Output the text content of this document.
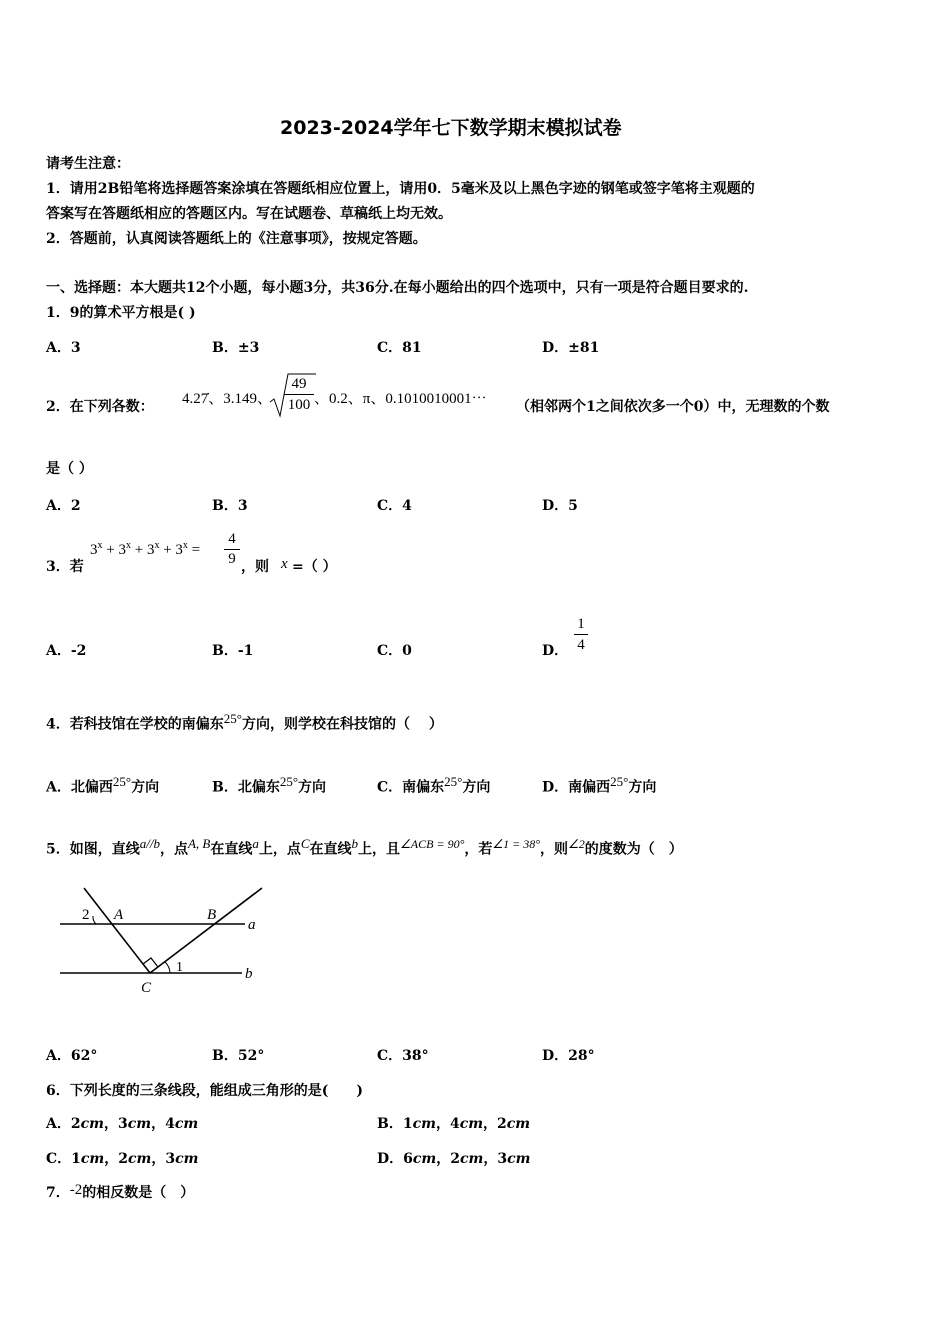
2023-2024学年七下数学期末模拟试卷
请考生注意：
1．请用2B铅笔将选择题答案涂填在答题纸相应位置上，请用0．5毫米及以上黑色字迹的钢笔或签字笔将主观题的
答案写在答题纸相应的答题区内。写在试题卷、草稿纸上均无效。
2．答题前，认真阅读答题纸上的《注意事项》，按规定答题。
一、选择题：本大题共12个小题，每小题3分，共36分.在每小题给出的四个选项中，只有一项是符合题目要求的.
1．9的算术平方根是( )
A．3	B．±3	C．81	D．±81
2．在下列各数： 4.27̇、3.149、 $\frac{49}{100}$ 、0.2、π、0.1010010001⋯ （相邻两个1之间依次多一个0）中，无理数的个数
是（ ）
A．2	B．3	C．4	D．5
3．若
$3^x + 3^x + 3^x + 3^x = \frac{4}{9}$ ，则 x =（ ）
A．-2	B．-1	C．0	D． $\frac{1}{4}$
4．若科技馆在学校的南偏东$^{25^\circ}$方向，则学校在科技馆的（　 ）
A．北偏西$^{25^\circ}$方向	B．北偏东$^{25^\circ}$方向	C．南偏东$^{25^\circ}$方向	D．南偏西$^{25^\circ}$方向
5．如图，直线$^{a//b}$，点$^{A, B}$在直线$^a$上，点$^C$在直线$^b$上，且$^{\angle ACB = 90^\circ}$，若$^{\angle 1 = 38^\circ}$，则$^{\angle 2}$的度数为（　）
2 A	B
a
1
C
b
A．62°	B．52°	C．38°	D．28°
6．下列长度的三条线段，能组成三角形的是(　　)
A．2cm，3cm，4cm	B．1cm，4cm，2cm
C．1cm，2cm，3cm	D．6cm，2cm，3cm
7．-2的相反数是（　）
